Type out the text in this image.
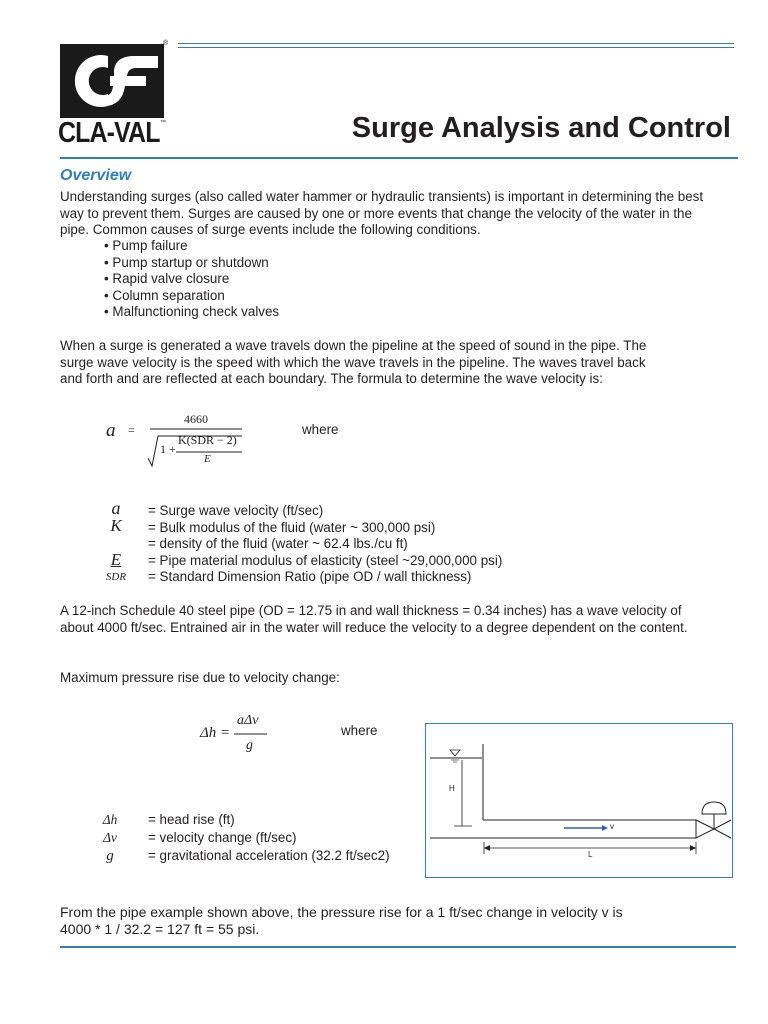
®
CLA-VAL ™	Surge Analysis and Control
Overview
Understanding surges (also called water hammer or hydraulic transients) is important in determining the best
way to prevent them. Surges are caused by one or more events that change the velocity of the water in the
pipe. Common causes of surge events include the following conditions.
• Pump failure
• Pump startup or shutdown
• Rapid valve closure
• Column separation
• Malfunctioning check valves
When a surge is generated a wave travels down the pipeline at the speed of sound in the pipe. The
surge wave velocity is the speed with which the wave travels in the pipeline. The waves travel back
and forth and are reflected at each boundary. The formula to determine the wave velocity is:
a =
4660
1 +
K(SDR − 2)
E
where
a	= Surge wave velocity (ft/sec)
K	= Bulk modulus of the fluid (water ~ 300,000 psi)
= density of the fluid (water ~ 62.4 lbs./cu ft)
E	= Pipe material modulus of elasticity (steel ~29,000,000 psi)
SDR	= Standard Dimension Ratio (pipe OD / wall thickness)
A 12-inch Schedule 40 steel pipe (OD = 12.75 in and wall thickness = 0.34 inches) has a wave velocity of
about 4000 ft/sec. Entrained air in the water will reduce the velocity to a degree dependent on the content.
Maximum pressure rise due to velocity change:
Δh =
aΔv
g
where
Δh	= head rise (ft)
Δv	= velocity change (ft/sec)
g	= gravitational acceleration (32.2 ft/sec2)
H
v
L
From the pipe example shown above, the pressure rise for a 1 ft/sec change in velocity v is
4000 * 1 / 32.2 = 127 ft = 55 psi.
